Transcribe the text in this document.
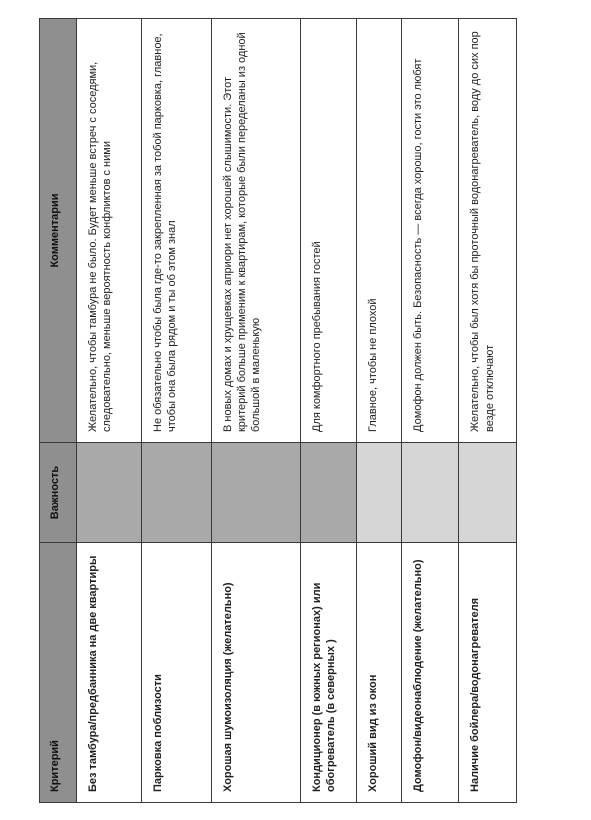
Критерий	Важность	Комментарии
Без тамбура/предбанника на две квартиры		Желательно, чтобы тамбура не было. Будет меньше встреч с соседями, следовательно, меньше вероятность конфликтов с ними
Парковка поблизости		Не обязательно чтобы была где-то закрепленная за тобой парковка, главное, чтобы она была рядом и ты об этом знал
Хорошая шумоизоляция (желательно)		В новых домах и хрущевках априори нет хорошей слышимости. Этот критерий больше применим к квартирам, которые были переделаны из одной большой в маленькую
Кондиционер (в южных регионах) или обогреватель (в северных )		Для комфортного пребывания гостей
Хороший вид из окон		Главное, чтобы не плохой
Домофон/видеонаблюдение (желательно)		Домофон должен быть. Безопасность — всегда хорошо, гости это любят
Наличие бойлера/водонагревателя		Желательно, чтобы был хотя бы проточный водонагреватель, воду до сих пор везде отключают
